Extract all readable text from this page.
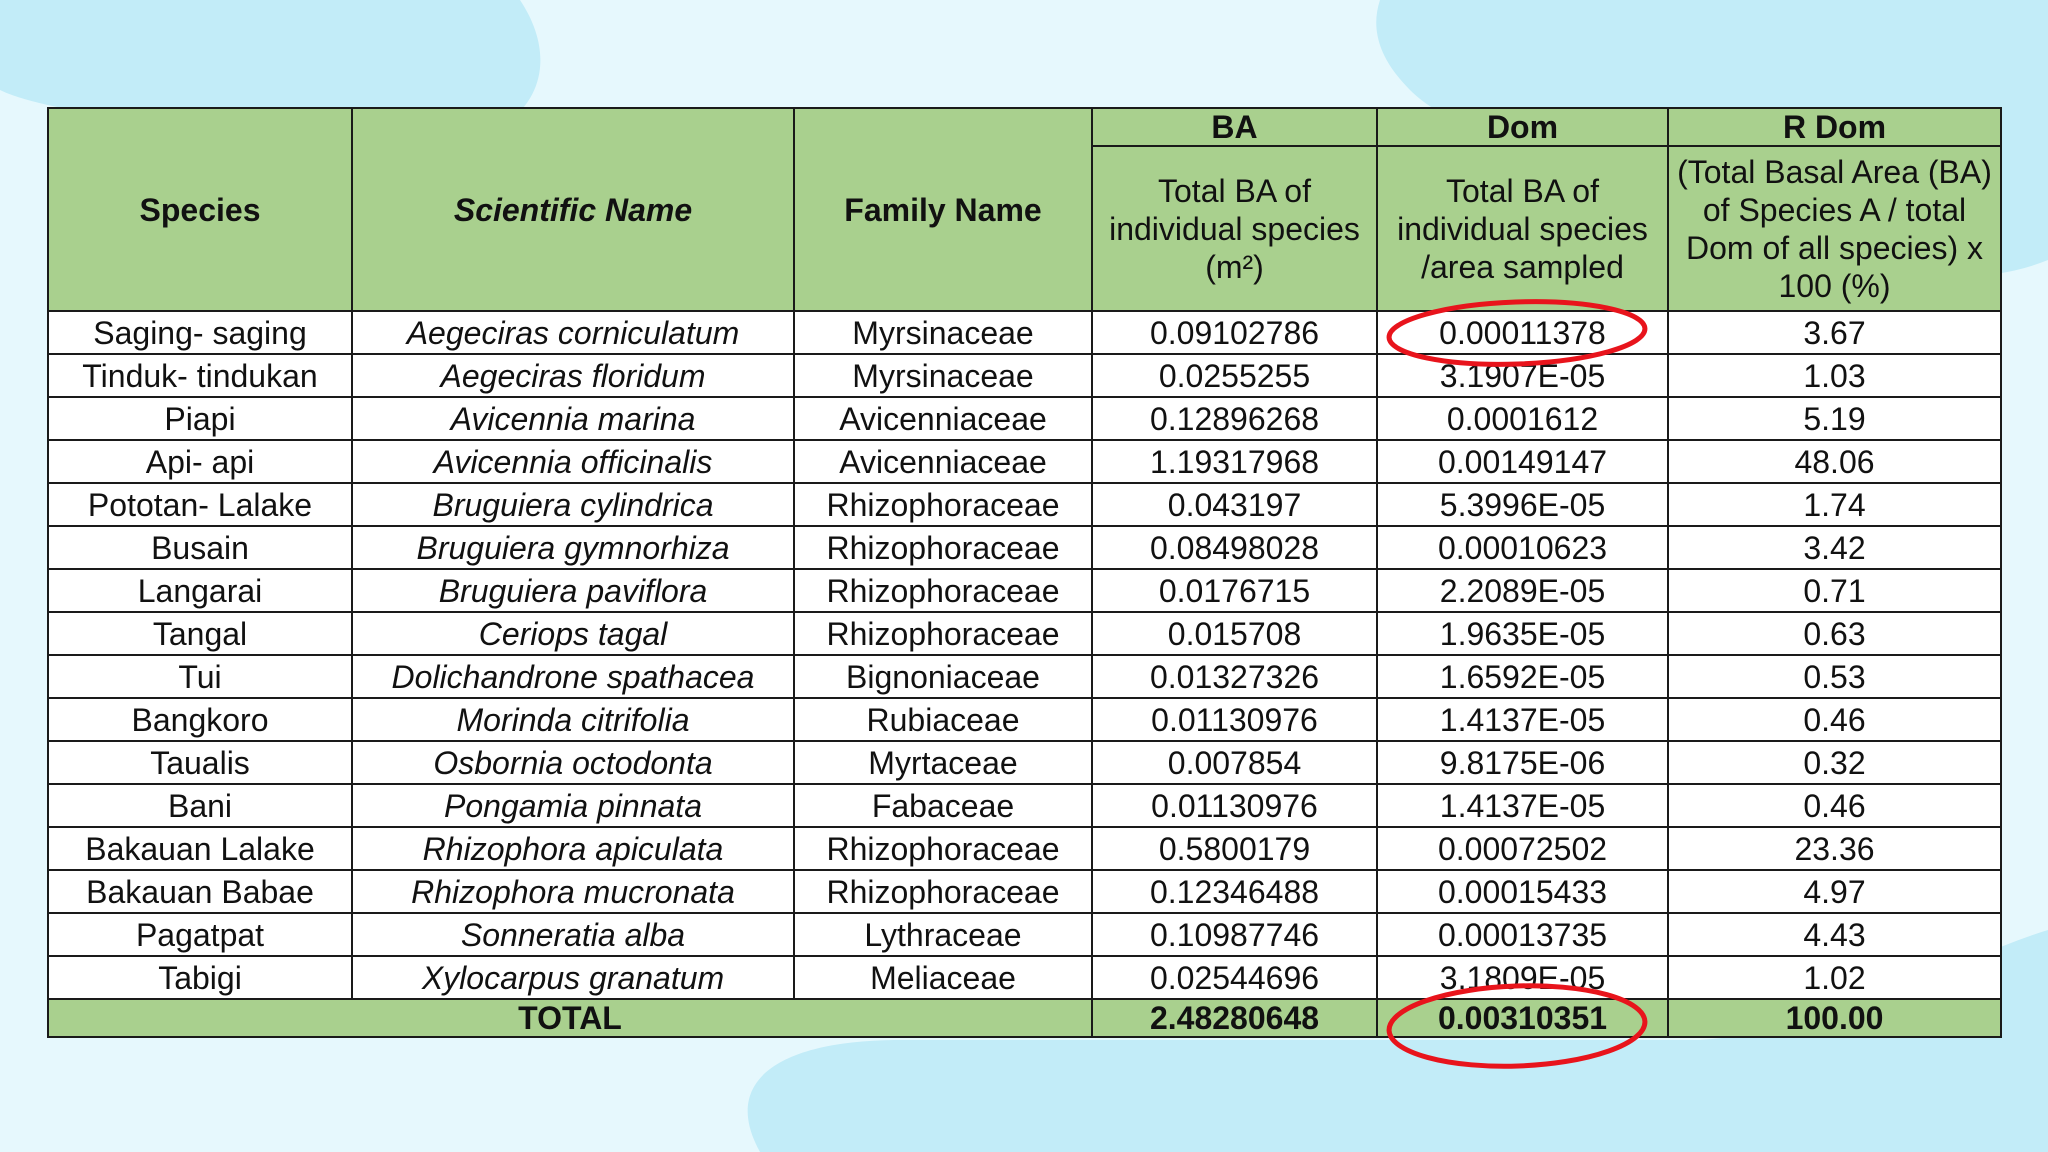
Species	Scientific Name	Family Name	BA	Dom	R Dom
			Total BA of individual species (m²)	Total BA of individual species /area sampled	(Total Basal Area (BA) of Species A / total Dom of all species) x 100 (%)
Saging- saging	Aegeciras corniculatum	Myrsinaceae	0.09102786	0.00011378	3.67
Tinduk- tindukan	Aegeciras floridum	Myrsinaceae	0.0255255	3.1907E-05	1.03
Piapi	Avicennia marina	Avicenniaceae	0.12896268	0.0001612	5.19
Api- api	Avicennia officinalis	Avicenniaceae	1.19317968	0.00149147	48.06
Pototan- Lalake	Bruguiera cylindrica	Rhizophoraceae	0.043197	5.3996E-05	1.74
Busain	Bruguiera gymnorhiza	Rhizophoraceae	0.08498028	0.00010623	3.42
Langarai	Bruguiera paviflora	Rhizophoraceae	0.0176715	2.2089E-05	0.71
Tangal	Ceriops tagal	Rhizophoraceae	0.015708	1.9635E-05	0.63
Tui	Dolichandrone spathacea	Bignoniaceae	0.01327326	1.6592E-05	0.53
Bangkoro	Morinda citrifolia	Rubiaceae	0.01130976	1.4137E-05	0.46
Taualis	Osbornia octodonta	Myrtaceae	0.007854	9.8175E-06	0.32
Bani	Pongamia pinnata	Fabaceae	0.01130976	1.4137E-05	0.46
Bakauan Lalake	Rhizophora apiculata	Rhizophoraceae	0.5800179	0.00072502	23.36
Bakauan Babae	Rhizophora mucronata	Rhizophoraceae	0.12346488	0.00015433	4.97
Pagatpat	Sonneratia alba	Lythraceae	0.10987746	0.00013735	4.43
Tabigi	Xylocarpus granatum	Meliaceae	0.02544696	3.1809E-05	1.02
TOTAL			2.48280648	0.00310351	100.00
